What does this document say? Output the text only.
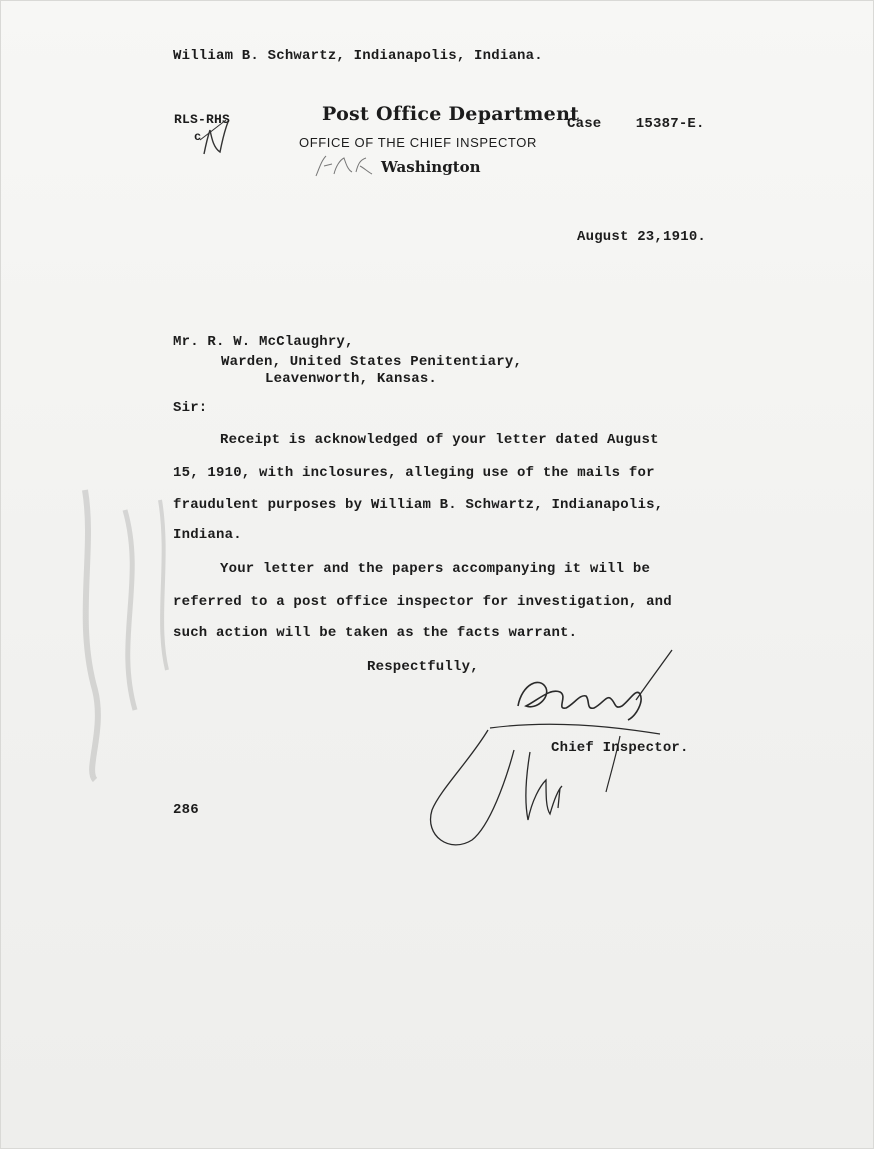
William B. Schwartz, Indianapolis, Indiana.
RLS-RHS
c
Post Office Department
OFFICE OF THE CHIEF INSPECTOR
Washington
Case    15387-E.
August 23,1910.
Mr. R. W. McClaughry,
Warden, United States Penitentiary,
Leavenworth, Kansas.
Sir:
Receipt is acknowledged of your letter dated August
15, 1910, with inclosures, alleging use of the mails for
fraudulent purposes by William B. Schwartz, Indianapolis,
Indiana.
Your letter and the papers accompanying it will be
referred to a post office inspector for investigation, and
such action will be taken as the facts warrant.
Respectfully,
Chief Inspector.
286
